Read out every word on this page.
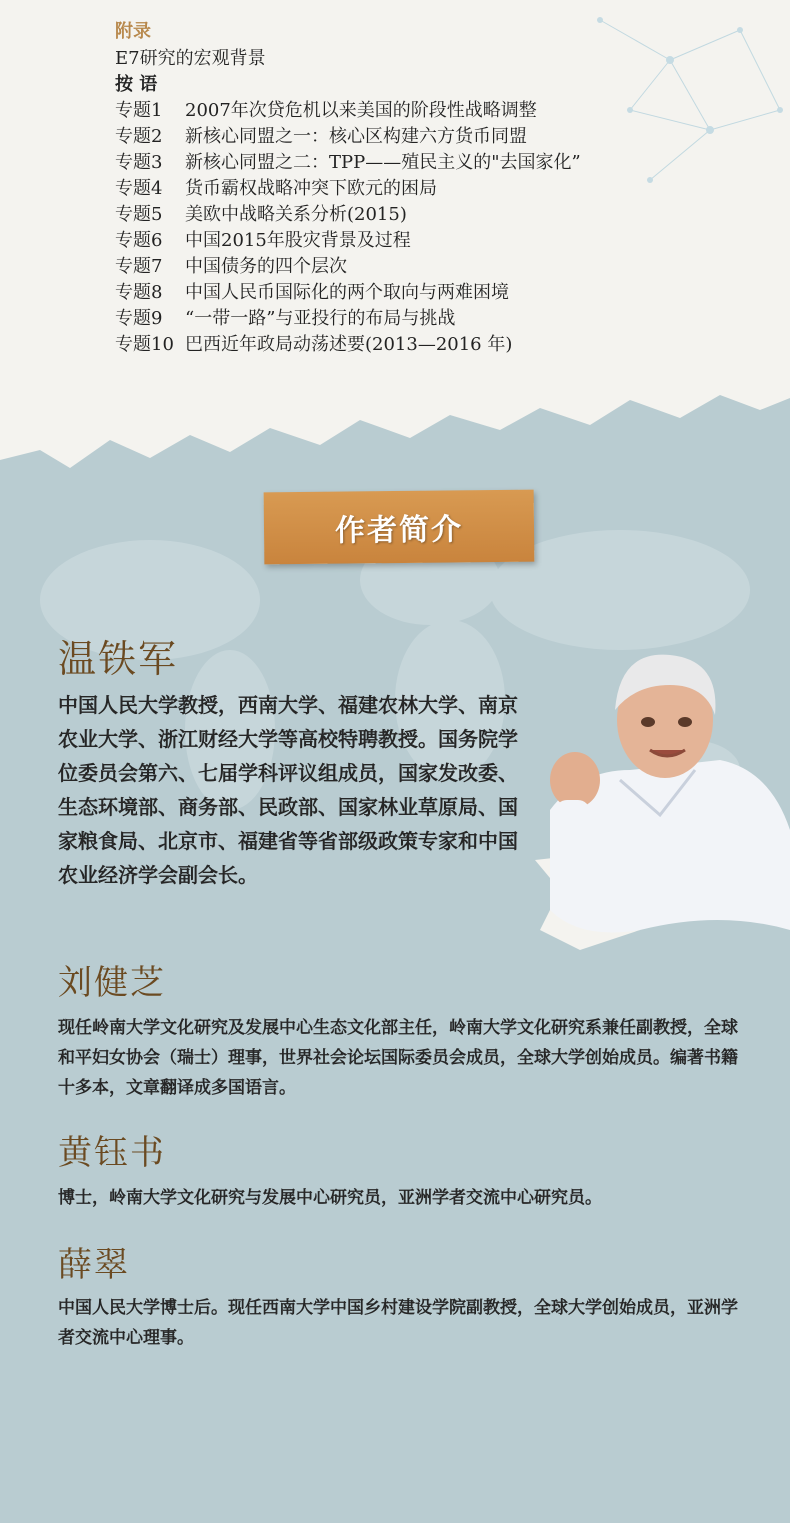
附录
E7研究的宏观背景
按 语
专题1	2007年次贷危机以来美国的阶段性战略调整
专题2	新核心同盟之一：核心区构建六方货币同盟
专题3	新核心同盟之二：TPP——殖民主义的"去国家化”
专题4	货币霸权战略冲突下欧元的困局
专题5	美欧中战略关系分析(2015)
专题6	中国2015年股灾背景及过程
专题7	中国债务的四个层次
专题8	中国人民币国际化的两个取向与两难困境
专题9	“一带一路”与亚投行的布局与挑战
专题10 巴西近年政局动荡述要(2013—2016 年)
作者简介
温铁军
中国人民大学教授，西南大学、福建农林大学、南京农业大学、浙江财经大学等高校特聘教授。国务院学位委员会第六、七届学科评议组成员，国家发改委、生态环境部、商务部、民政部、国家林业草原局、国家粮食局、北京市、福建省等省部级政策专家和中国农业经济学会副会长。
刘健芝
现任岭南大学文化研究及发展中心生态文化部主任，岭南大学文化研究系兼任副教授，全球和平妇女协会（瑞士）理事，世界社会论坛国际委员会成员，全球大学创始成员。编著书籍十多本，文章翻译成多国语言。
黄钰书
博士，岭南大学文化研究与发展中心研究员，亚洲学者交流中心研究员。
薛翠
中国人民大学博士后。现任西南大学中国乡村建设学院副教授，全球大学创始成员，亚洲学者交流中心理事。
